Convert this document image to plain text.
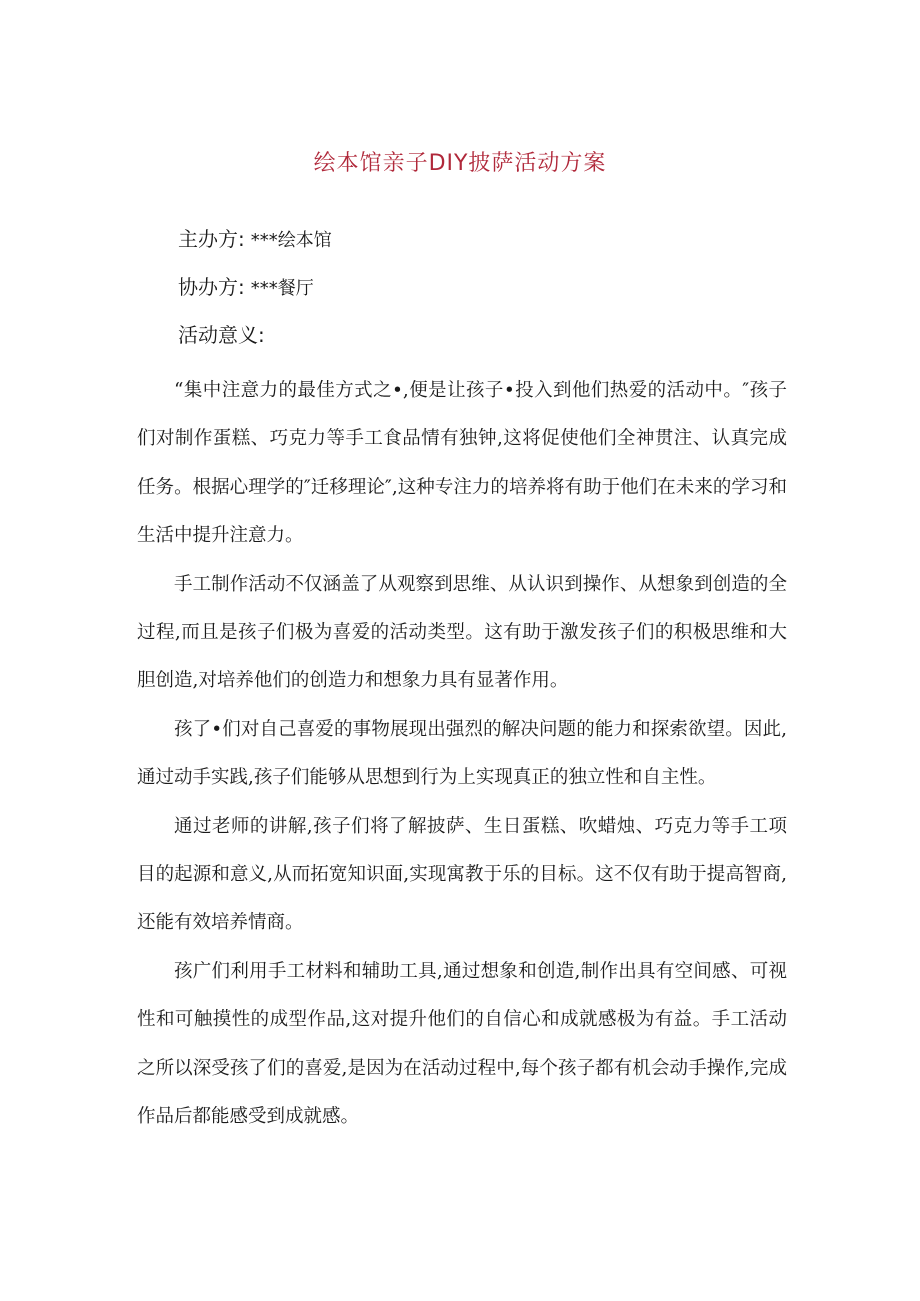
绘本馆亲子DIY披萨活动方案
主办方: ***绘本馆
协办方: ***餐厅
活动意义:

“集中注意力的最佳方式之•,便是让孩子•投入到他们热爱的活动中。″孩子们对制作蛋糕、巧克力等手工食品情有独钟,这将促使他们全神贯注、认真完成任务。根据心理学的″迁移理论″,这种专注力的培养将有助于他们在未来的学习和生活中提升注意力。

手工制作活动不仅涵盖了从观察到思维、从认识到操作、从想象到创造的全过程,而且是孩子们极为喜爱的活动类型。这有助于激发孩子们的积极思维和大胆创造,对培养他们的创造力和想象力具有显著作用。

孩了•们对自己喜爱的事物展现出强烈的解决问题的能力和探索欲望。因此,通过动手实践,孩子们能够从思想到行为上实现真正的独立性和自主性。

通过老师的讲解,孩子们将了解披萨、生日蛋糕、吹蜡烛、巧克力等手工项目的起源和意义,从而拓宽知识面,实现寓教于乐的目标。这不仅有助于提高智商,还能有效培养情商。

孩广们利用手工材料和辅助工具,通过想象和创造,制作出具有空间感、可视性和可触摸性的成型作品,这对提升他们的自信心和成就感极为有益。手工活动之所以深受孩了们的喜爱,是因为在活动过程中,每个孩子都有机会动手操作,完成作品后都能感受到成就感。
